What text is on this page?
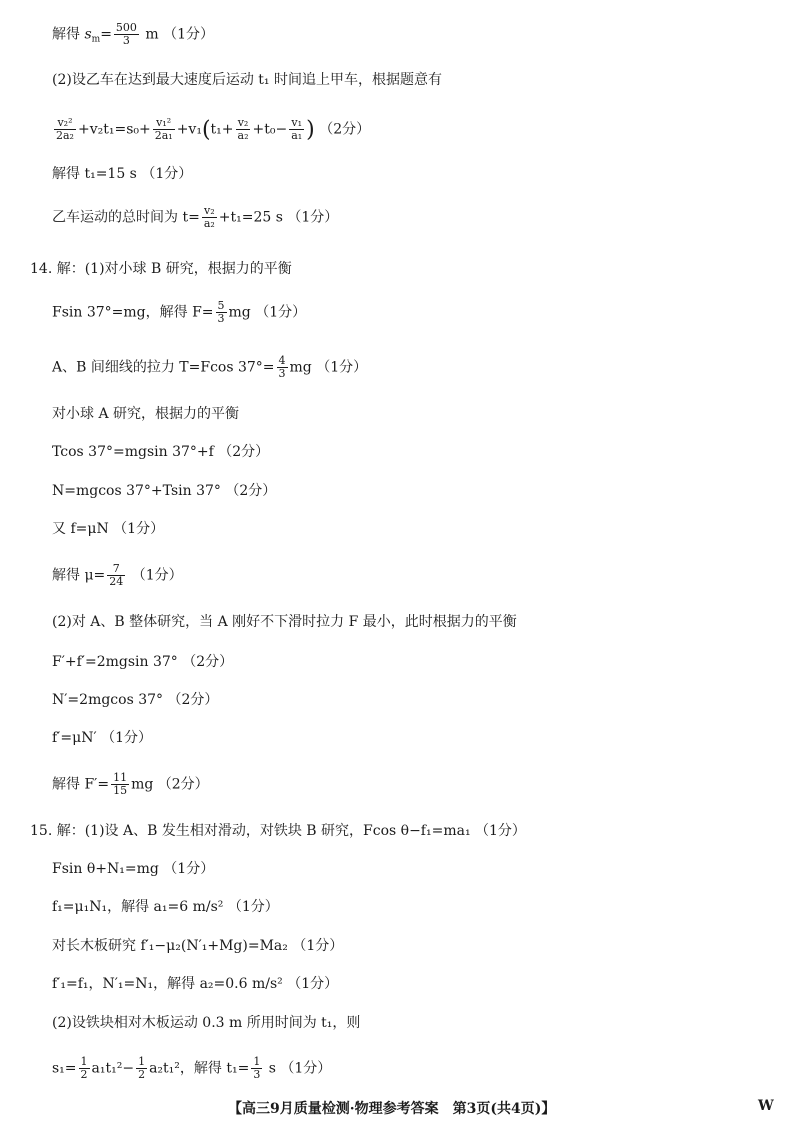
解得 $s_m= \frac{500}{3}$ m （1分）
(2)设乙车在达到最大速度后运动 t₁ 时间追上甲车，根据题意有
$\frac{\text{v₂²}}{\text{2a₂}} +v_2t_1=s_0+ \frac{\text{v₁²}}{\text{2a₁}} +v_1(t_1+ \frac{\text{v₂}}{\text{a₂}} +t_0- \frac{\text{v₁}}{\text{a₁}}$ ) （2分）
解得 t₁=15 s （1分）
乙车运动的总时间为 $t= \frac{\text{v₂}}{\text{a₂}} +t_1=25$ s （1分）
14. 解：(1)对小球 B 研究，根据力的平衡
Fsin 37°=mg，解得 $F= \frac{5}{3}$ mg （1分）
A、B 间细线的拉力 T=Fcos $37^\circ= \frac{4}{3}$ mg （1分）
对小球 A 研究，根据力的平衡
Tcos 37°=mgsin 37°+f （2分）
N=mgcos 37°+Tsin 37° （2分）
又 f=μN （1分）
解得 $\mu= \frac{7}{24} (1$分）
(2)对 A、B 整体研究，当 A 刚好不下滑时拉力 F 最小，此时根据力的平衡
F′+f′=2mgsin 37° （2分）
N′=2mgcos 37° （2分）
f′=μN′ （1分）
解得 $F'= \frac{11}{15}$ mg （2分）
15. 解：(1)设 A、B 发生相对滑动，对铁块 B 研究，Fcos θ−f₁=ma₁ （1分）
Fsin θ+N₁=mg （1分）
f₁=μ₁N₁，解得 a₁=6 m/s² （1分）
对长木板研究 f′₁−μ₂(N′₁+Mg)=Ma₂ （1分）
f′₁=f₁，N′₁=N₁，解得 a₂=0.6 m/s² （1分）
(2)设铁块相对木板运动 0.3 m 所用时间为 t₁，则
$s_1= \frac{1}{2} a_1t_1^2- \frac{1}{2} a_2t_1^2$，解得 $t_1= \frac{1}{3}$ s （1分）
【高三9月质量检测·物理参考答案　第3页(共4页)】	W
